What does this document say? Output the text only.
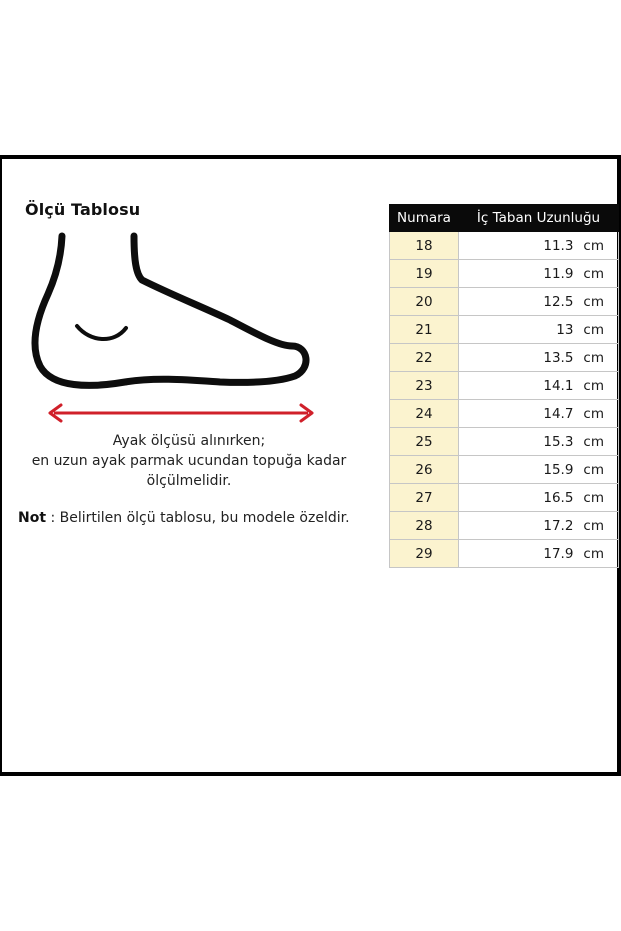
Ölçü Tablosu
Ayak ölçüsü alınırken;
en uzun ayak parmak ucundan topuğa kadar
ölçülmelidir.
Not : Belirtilen ölçü tablosu, bu modele özeldir.
Numara	İç Taban Uzunluğu
18	11.3 cm
19	11.9 cm
20	12.5 cm
21	13 cm
22	13.5 cm
23	14.1 cm
24	14.7 cm
25	15.3 cm
26	15.9 cm
27	16.5 cm
28	17.2 cm
29	17.9 cm
